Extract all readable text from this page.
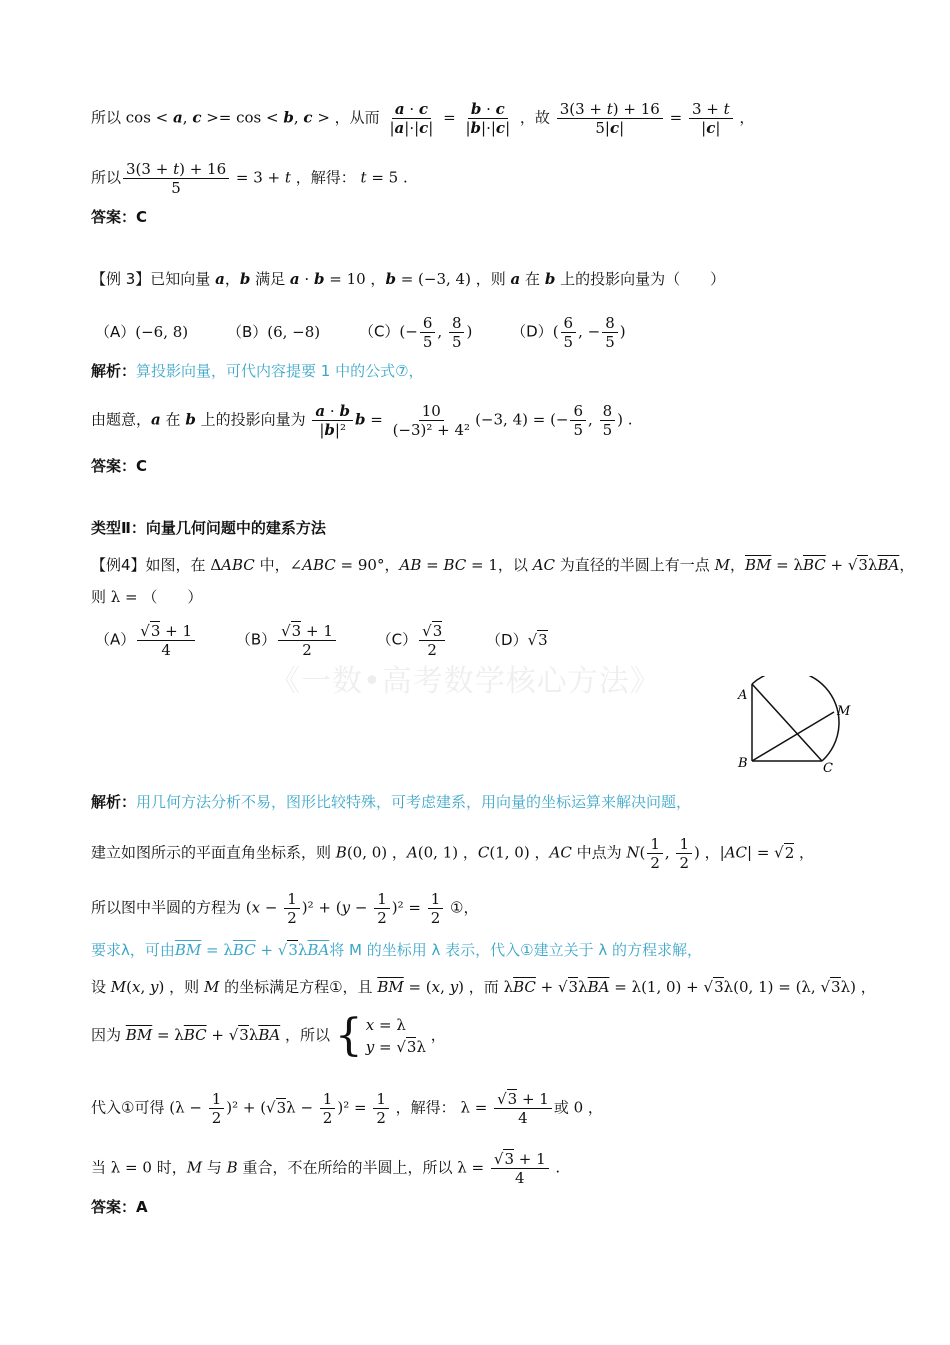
《一数•高考数学核心方法》
所以 cos < a, c >= cos < b, c > ，从而 $\frac{a \cdot c}{|a|\cdot|c|} = \frac{b \cdot c}{|b|\cdot|c|}$ ，故 $\frac{3(3 + t) + 16}{5|c|} = \frac{3 + t}{|c|}$ ，
所以 $\frac{3(3 + t) + 16}{5} = 3 + t$ ，解得： t = 5 .
答案：C
【例 3】已知向量 a，b 满足 a · b = 10 ，b = (−3, 4) ，则 a 在 b 上的投影向量为（　　）
（A）(−6, 8)	（B）(6, −8)	$(C)(- \frac{6}{5}$ , $\frac{8}{5}$ )	$(D)( \frac{6}{5}$ , − $\frac{8}{5}$ )
解析：算投影向量，可代内容提要 1 中的公式⑦，
由题意，a 在 b 上的投影向量为 $\frac{a \cdot b}{\text{|b|²}}$ $b = \frac{10}{\text{(−3)² + 4²}} (-3$, 4) = (− $\frac{6}{5}$ , $\frac{8}{5}$ ) .
答案：C
类型Ⅱ：向量几何问题中的建系方法
【例4】如图，在 ΔABC 中，∠ABC = 90°，AB = BC = 1，以 AC 为直径的半圆上有一点 M，$\overline{BM} = \lambda\overline{BC} + √3\lambda\overline{BA}$，
则 λ = （　　）
$(A) \frac{√3 + 1}{4}$	$(B) \frac{√3 + 1}{2}$	$(C) \frac{√3}{2}$	（D）√3
A
B	C
M
解析：用几何方法分析不易，图形比较特殊，可考虑建系，用向量的坐标运算来解决问题，
建立如图所示的平面直角坐标系，则 B(0, 0) ，A(0, 1) ，C(1, 0) ，AC 中点为 $N( \frac{1}{2}$ , $\frac{1}{2}$ ) ，|AC| = √2 ，
所以图中半圆的方程为 $(x - \frac{1}{2} )^2 + (y - \frac{1}{2} )^2 = \frac{1}{2}$ ①，
要求λ，可由$\overline{BM} = \lambda\overline{BC} + √3\lambda\overline{BA}$将 M 的坐标用 λ 表示，代入①建立关于 λ 的方程求解，
设 M(x, y) ，则 M 的坐标满足方程①，且 $\overline{BM} = (x$, y) ，而 $\lambda\overline{BC} + √3\lambda\overline{BA} = \lambda(1$, 0) + √3λ(0, 1) = (λ, √3λ) ，
因为 $\overline{BM} = \lambda\overline{BC} + √3\lambda\overline{BA}$ ，所以 { x = λ
y = √3λ
，
代入①可得 $(\lambda - \frac{1}{2} )^2 + (√3\lambda - \frac{1}{2} )^2 = \frac{1}{2}$ ，解得： $\lambda = \frac{√3 + 1}{4}$ 或 0 ，
当 λ = 0 时，M 与 B 重合，不在所给的半圆上，所以 $\lambda = \frac{√3 + 1}{4}$ .
答案：A
